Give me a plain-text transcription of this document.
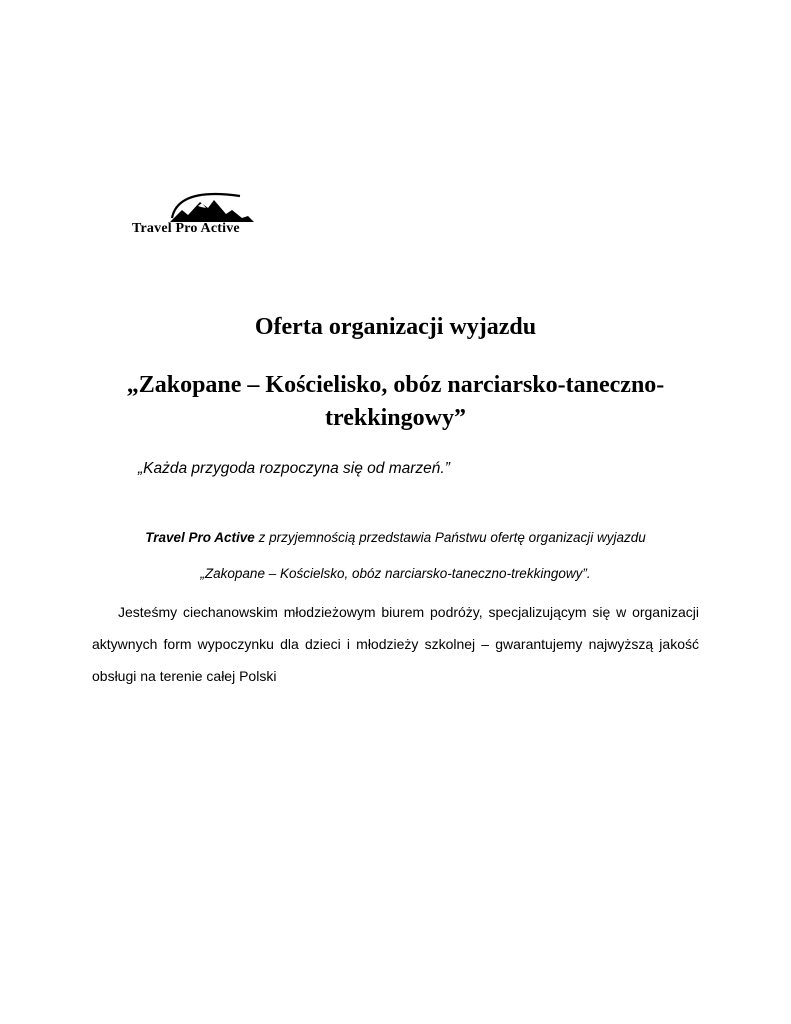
Travel Pro Active
Oferta organizacji wyjazdu
„Zakopane – Kościelisko, obóz narciarsko-taneczno-trekkingowy”
„Każda przygoda rozpoczyna się od marzeń.”
Travel Pro Active z przyjemnością przedstawia Państwu ofertę organizacji wyjazdu
„Zakopane – Kościelsko, obóz narciarsko-taneczno-trekkingowy”.
Jesteśmy ciechanowskim młodzieżowym biurem podróży, specjalizującym się w organizacji aktywnych form wypoczynku dla dzieci i młodzieży szkolnej – gwarantujemy najwyższą jakość obsługi na terenie całej Polski
